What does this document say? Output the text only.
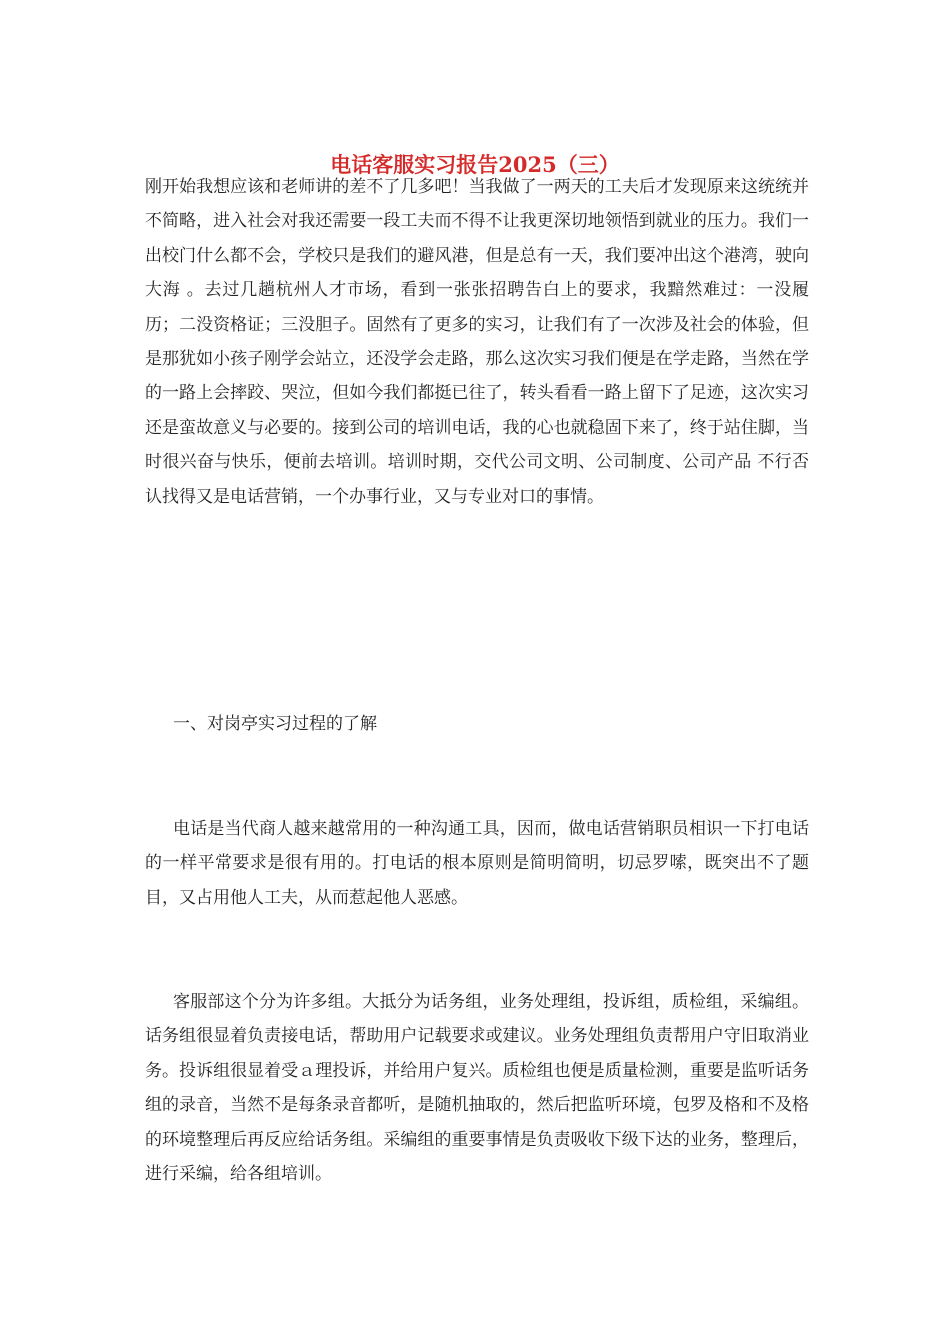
电话客服实习报告2025（三）

刚开始我想应该和老师讲的差不了几多吧！当我做了一两天的工夫后才发现原来这统统并不简略，进入社会对我还需要一段工夫而不得不让我更深切地领悟到就业的压力。我们一出校门什么都不会，学校只是我们的避风港，但是总有一天，我们要冲出这个港湾，驶向 大海 。去过几趟杭州人才市场，看到一张张招聘告白上的要求，我黯然难过：一没履历；二没资格证；三没胆子。固然有了更多的实习，让我们有了一次涉及社会的体验，但是那犹如小孩子刚学会站立，还没学会走路，那么这次实习我们便是在学走路，当然在学的一路上会摔跤、哭泣，但如今我们都挺已往了，转头看看一路上留下了足迹，这次实习还是蛮故意义与必要的。接到公司的培训电话，我的心也就稳固下来了，终于站住脚，当时很兴奋与快乐，便前去培训。培训时期，交代公司文明、公司制度、公司产品 不行否认找得又是电话营销，一个办事行业，又与专业对口的事情。

一、对岗亭实习过程的了解

电话是当代商人越来越常用的一种沟通工具，因而，做电话营销职员相识一下打电话的一样平常要求是很有用的。打电话的根本原则是简明简明，切忌罗嗦，既突出不了题目，又占用他人工夫，从而惹起他人恶感。

客服部这个分为许多组。大抵分为话务组，业务处理组，投诉组，质检组，采编组。话务组很显着负责接电话，帮助用户记载要求或建议。业务处理组负责帮用户守旧取消业务。投诉组很显着受ａ理投诉，并给用户复兴。质检组也便是质量检测，重要是监听话务组的录音，当然不是每条录音都听，是随机抽取的，然后把监听环境，包罗及格和不及格的环境整理后再反应给话务组。采编组的重要事情是负责吸收下级下达的业务，整理后，进行采编，给各组培训。
